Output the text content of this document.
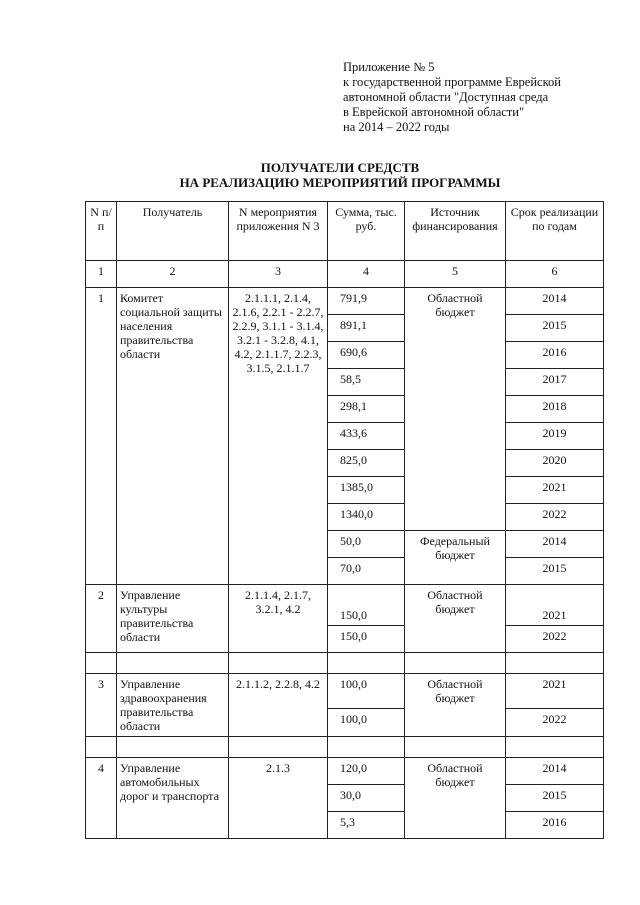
Приложение № 5
к государственной программе Еврейской
автономной области "Доступная среда
в Еврейской автономной области"
на 2014 – 2022 годы
ПОЛУЧАТЕЛИ СРЕДСТВ
НА РЕАЛИЗАЦИЮ МЕРОПРИЯТИЙ ПРОГРАММЫ
N п/п	Получатель	N мероприятия приложения N 3	Сумма, тыс. руб.	Источник финансирования	Срок реализации по годам
1	2	3	4	5	6
1	Комитет социальной защиты населения правительства области	2.1.1.1, 2.1.4, 2.1.6, 2.2.1 - 2.2.7, 2.2.9, 3.1.1 - 3.1.4, 3.2.1 - 3.2.8, 4.1, 4.2, 2.1.1.7, 2.2.3, 3.1.5, 2.1.1.7	791,9	Областной бюджет	2014
			891,1		2015
			690,6		2016
			58,5		2017
			298,1		2018
			433,6		2019
			825,0		2020
			1385,0		2021
			1340,0		2022
			50,0	Федеральный бюджет	2014
			70,0		2015
2	Управление культуры правительства области	2.1.1.4, 2.1.7, 3.2.1, 4.2	150,0	Областной бюджет	2021
			150,0		2022

3	Управление здравоохранения правительства области	2.1.1.2, 2.2.8, 4.2	100,0	Областной бюджет	2021
			100,0		2022

4	Управление автомобильных дорог и транспорта	2.1.3	120,0	Областной бюджет	2014
			30,0		2015
			5,3		2016
